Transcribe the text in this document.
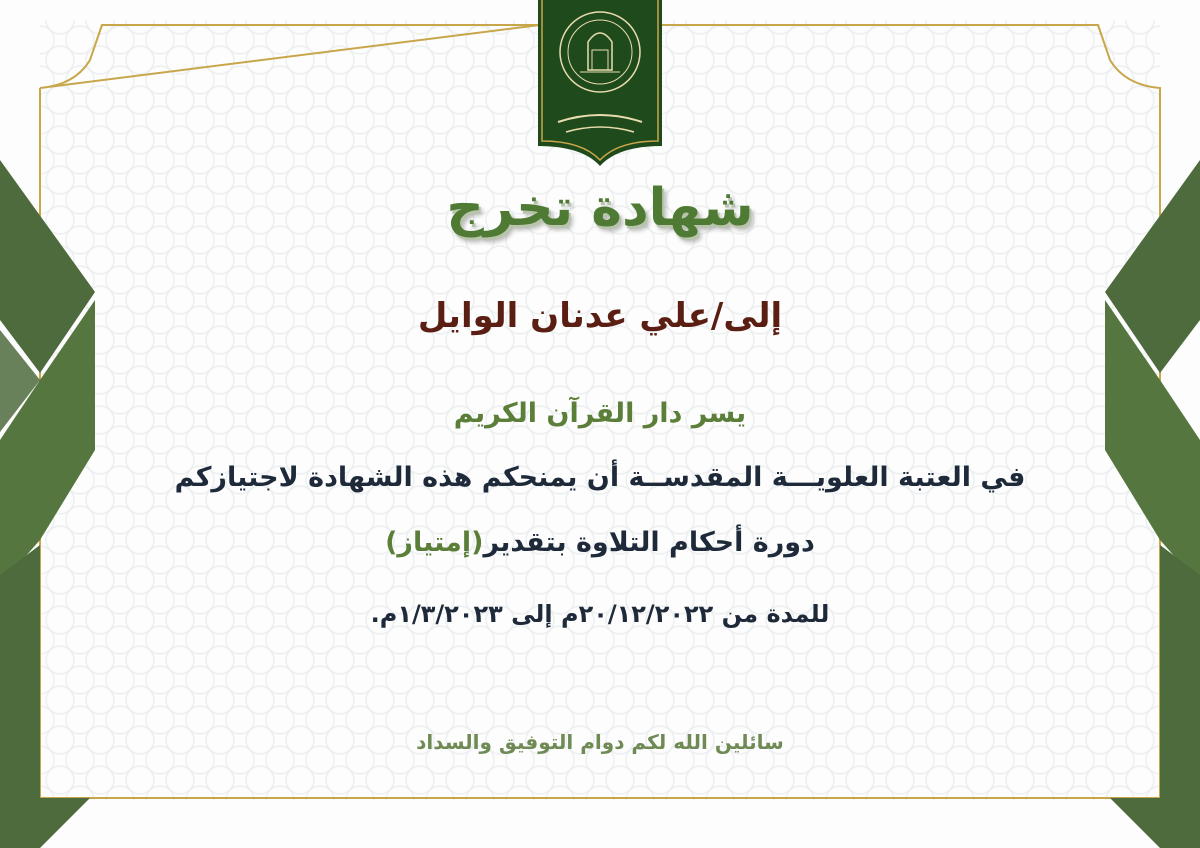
شهادة تخرج
إلى/علي عدنان الوايل
يسر دار القرآن الكريم
في العتبة العلويـــة المقدســة أن يمنحكم هذه الشهادة لاجتيازكم
دورة أحكام التلاوة بتقدير(إمتياز)
للمدة من ٢٠/١٢/٢٠٢٢م إلى ١/٣/٢٠٢٣م.
سائلين الله لكم دوام التوفيق والسداد
